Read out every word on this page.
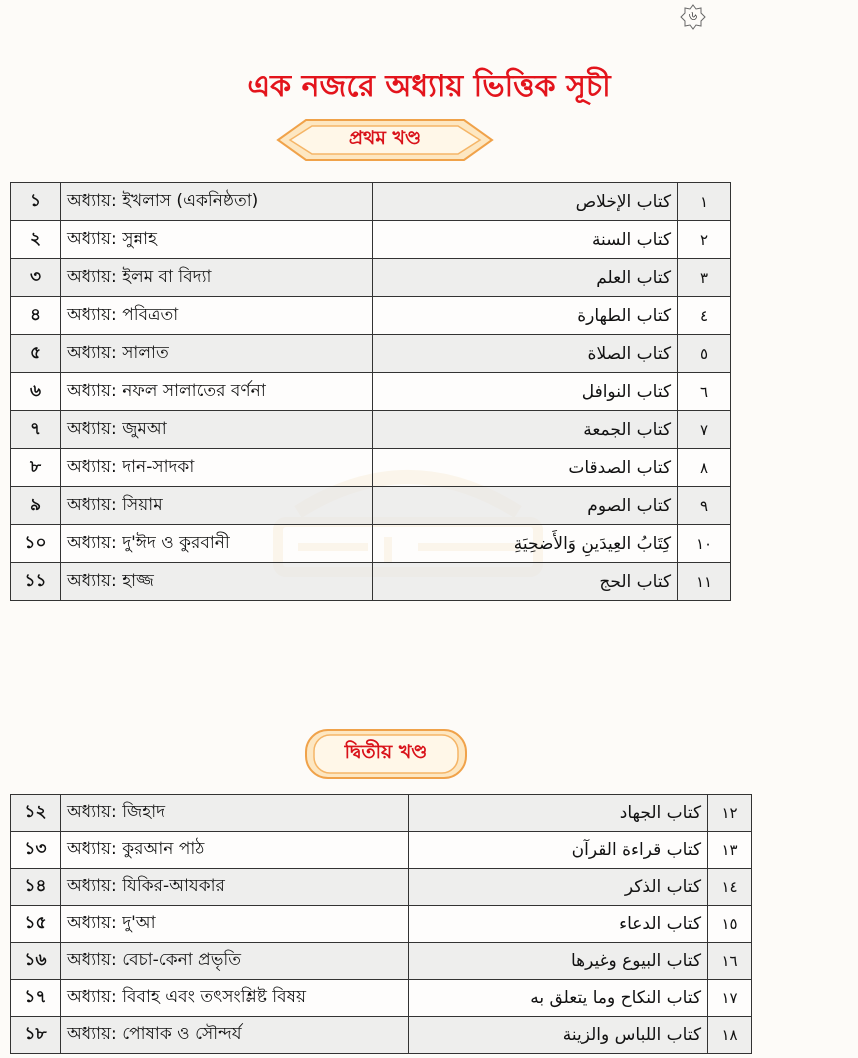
৬
এক নজরে অধ্যায় ভিত্তিক সূচী
প্রথম খণ্ড
১	অধ্যায়: ইখলাস (একনিষ্ঠতা)	كتاب الإخلاص	١
২	অধ্যায়: সুন্নাহ	كتاب السنة	٢
৩	অধ্যায়: ইলম বা বিদ্যা	كتاب العلم	٣
৪	অধ্যায়: পবিত্রতা	كتاب الطهارة	٤
৫	অধ্যায়: সালাত	كتاب الصلاة	٥
৬	অধ্যায়: নফল সালাতের বর্ণনা	كتاب النوافل	٦
৭	অধ্যায়: জুমআ	كتاب الجمعة	٧
৮	অধ্যায়: দান-সাদকা	كتاب الصدقات	٨
৯	অধ্যায়: সিয়াম	كتاب الصوم	٩
১০	অধ্যায়: দু'ঈদ ও কুরবানী	كِتَابُ العِيدَينِ وَالأَضحِيَةِ	١٠
১১	অধ্যায়: হাজ্জ	كتاب الحج	١١
দ্বিতীয় খণ্ড
১২	অধ্যায়: জিহাদ	كتاب الجهاد	١٢
১৩	অধ্যায়: কুরআন পাঠ	كتاب قراءة القرآن	١٣
১৪	অধ্যায়: যিকির-আযকার	كتاب الذكر	١٤
১৫	অধ্যায়: দু'আ	كتاب الدعاء	١٥
১৬	অধ্যায়: বেচা-কেনা প্রভৃতি	كتاب البيوع وغيرها	١٦
১৭	অধ্যায়: বিবাহ এবং তৎসংশ্লিষ্ট বিষয়	كتاب النكاح وما يتعلق به	١٧
১৮	অধ্যায়: পোষাক ও সৌন্দর্য	كتاب اللباس والزينة	١٨
